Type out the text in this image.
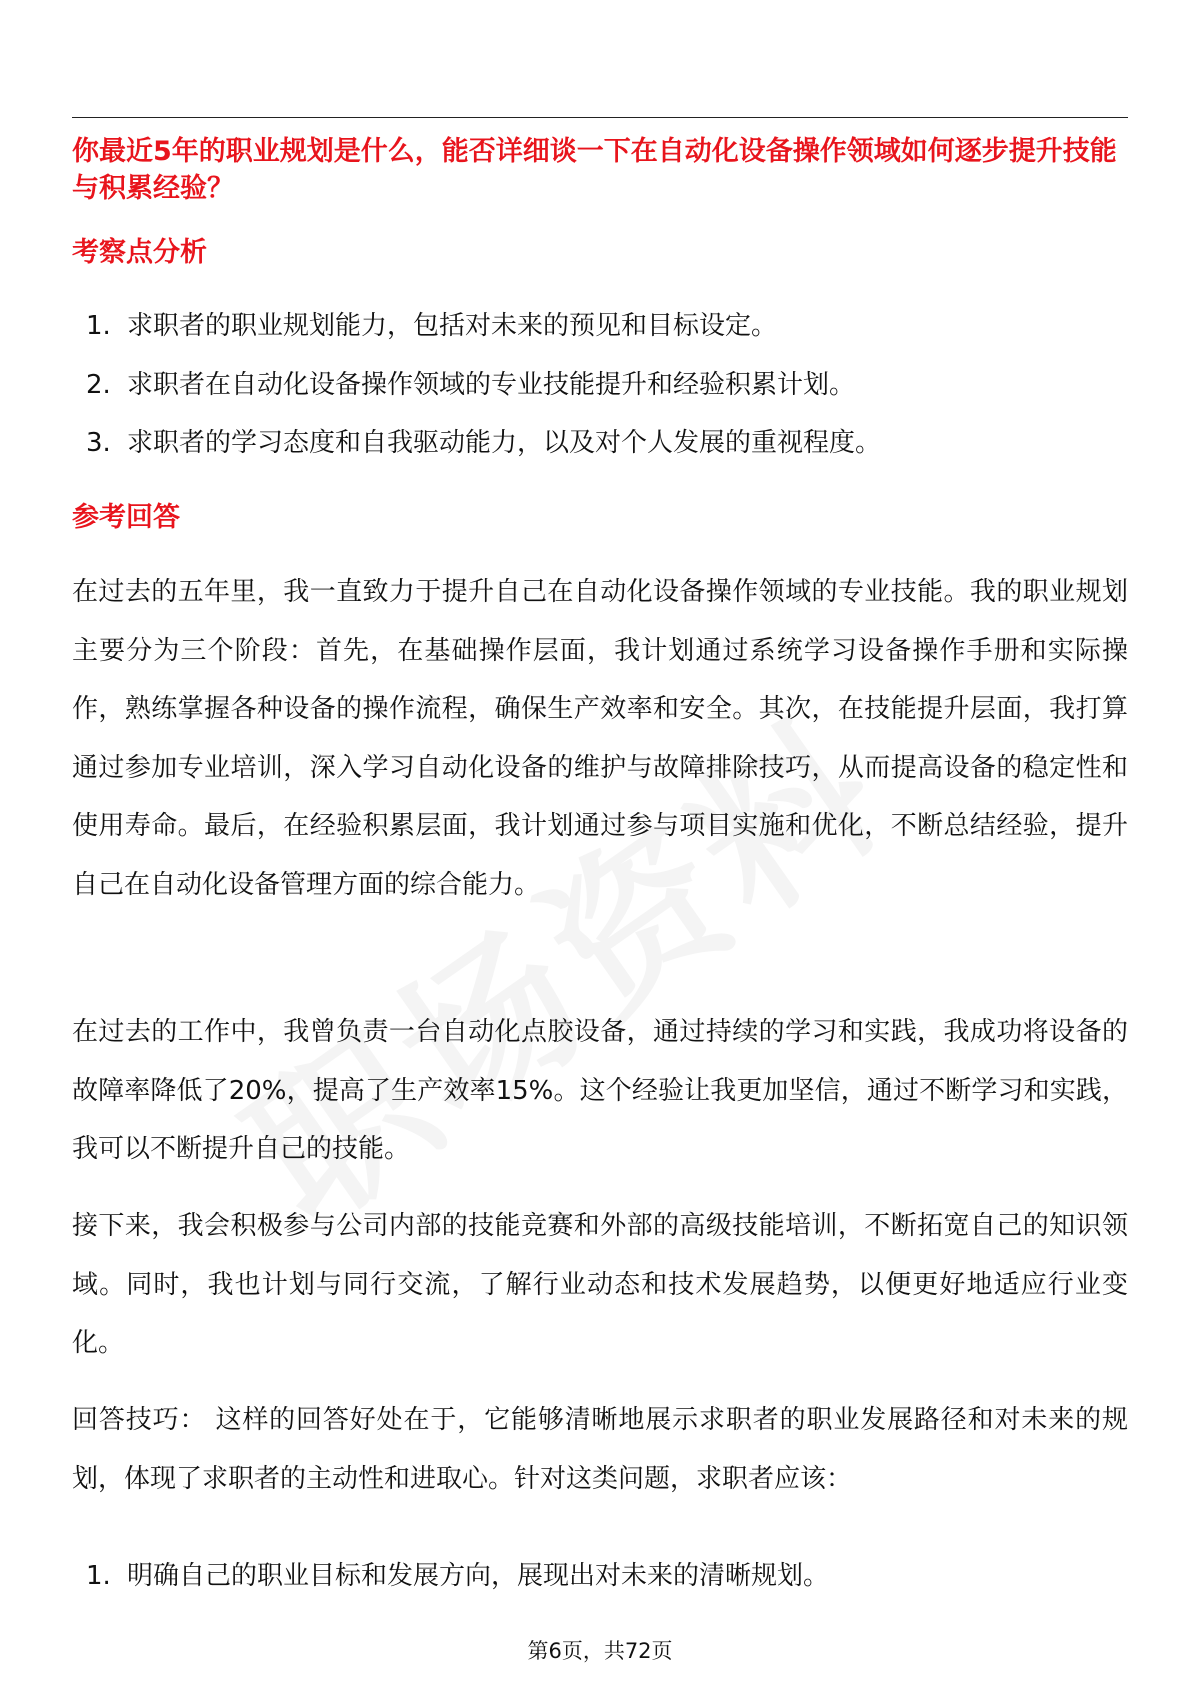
你最近5年的职业规划是什么，能否详细谈一下在自动化设备操作领域如何逐步提升技能与积累经验？

考察点分析

1. 求职者的职业规划能力，包括对未来的预见和目标设定。
2. 求职者在自动化设备操作领域的专业技能提升和经验积累计划。
3. 求职者的学习态度和自我驱动能力，以及对个人发展的重视程度。

参考回答

在过去的五年里，我一直致力于提升自己在自动化设备操作领域的专业技能。我的职业规划主要分为三个阶段：首先，在基础操作层面，我计划通过系统学习设备操作手册和实际操作，熟练掌握各种设备的操作流程，确保生产效率和安全。其次，在技能提升层面，我打算通过参加专业培训，深入学习自动化设备的维护与故障排除技巧，从而提高设备的稳定性和使用寿命。最后，在经验积累层面，我计划通过参与项目实施和优化，不断总结经验，提升自己在自动化设备管理方面的综合能力。

在过去的工作中，我曾负责一台自动化点胶设备，通过持续的学习和实践，我成功将设备的故障率降低了20%，提高了生产效率15%。这个经验让我更加坚信，通过不断学习和实践，我可以不断提升自己的技能。

接下来，我会积极参与公司内部的技能竞赛和外部的高级技能培训，不断拓宽自己的知识领域。同时，我也计划与同行交流，了解行业动态和技术发展趋势，以便更好地适应行业变化。

回答技巧： 这样的回答好处在于，它能够清晰地展示求职者的职业发展路径和对未来的规划，体现了求职者的主动性和进取心。针对这类问题，求职者应该：

1. 明确自己的职业目标和发展方向，展现出对未来的清晰规划。
第6页，共72页
